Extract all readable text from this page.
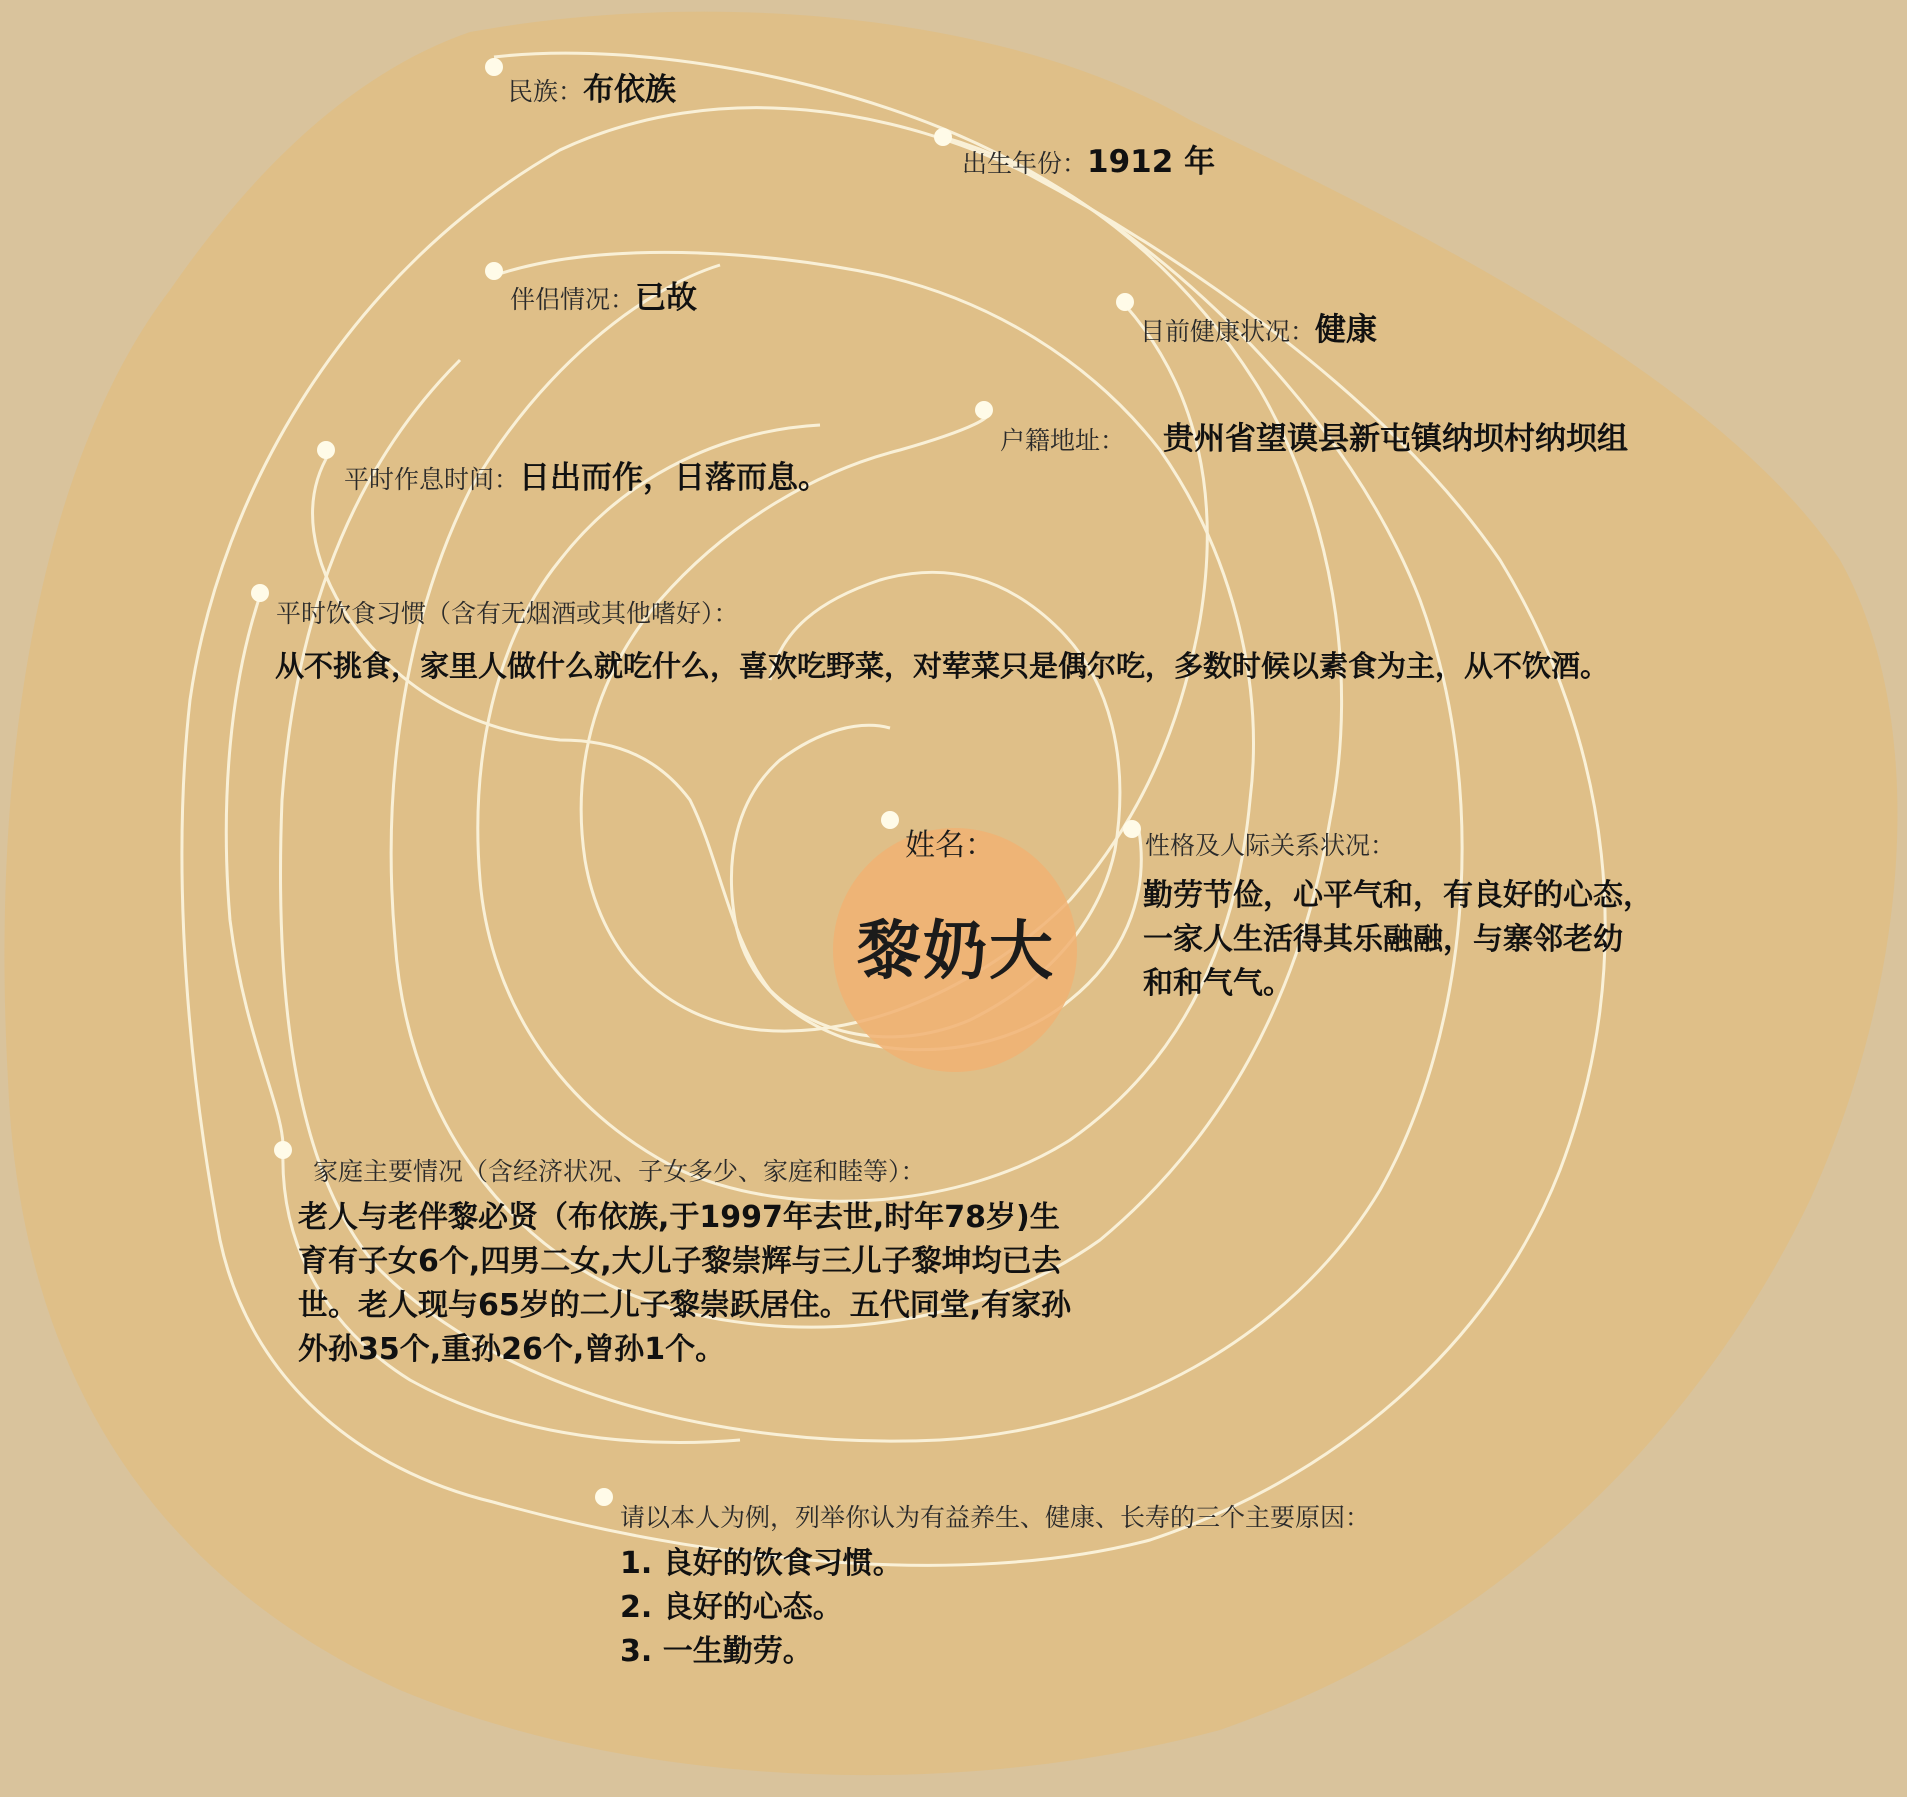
民族：布依族
出生年份：1912 年
伴侣情况：已故
目前健康状况：健康
户籍地址： 贵州省望谟县新屯镇纳坝村纳坝组
平时作息时间：日出而作，日落而息。
平时饮食习惯（含有无烟酒或其他嗜好）：
从不挑食，家里人做什么就吃什么，喜欢吃野菜，对荤菜只是偶尔吃，多数时候以素食为主，从不饮酒。
姓名：
黎奶大
性格及人际关系状况：
勤劳节俭，心平气和，有良好的心态，
一家人生活得其乐融融，与寨邻老幼
和和气气。
家庭主要情况（含经济状况、子女多少、家庭和睦等）：
老人与老伴黎必贤（布依族,于1997年去世,时年78岁)生
育有子女6个,四男二女,大儿子黎崇辉与三儿子黎坤均已去
世。老人现与65岁的二儿子黎崇跃居住。五代同堂,有家孙
外孙35个,重孙26个,曾孙1个。
请以本人为例，列举你认为有益养生、健康、长寿的三个主要原因：
1. 良好的饮食习惯。
2. 良好的心态。
3. 一生勤劳。
